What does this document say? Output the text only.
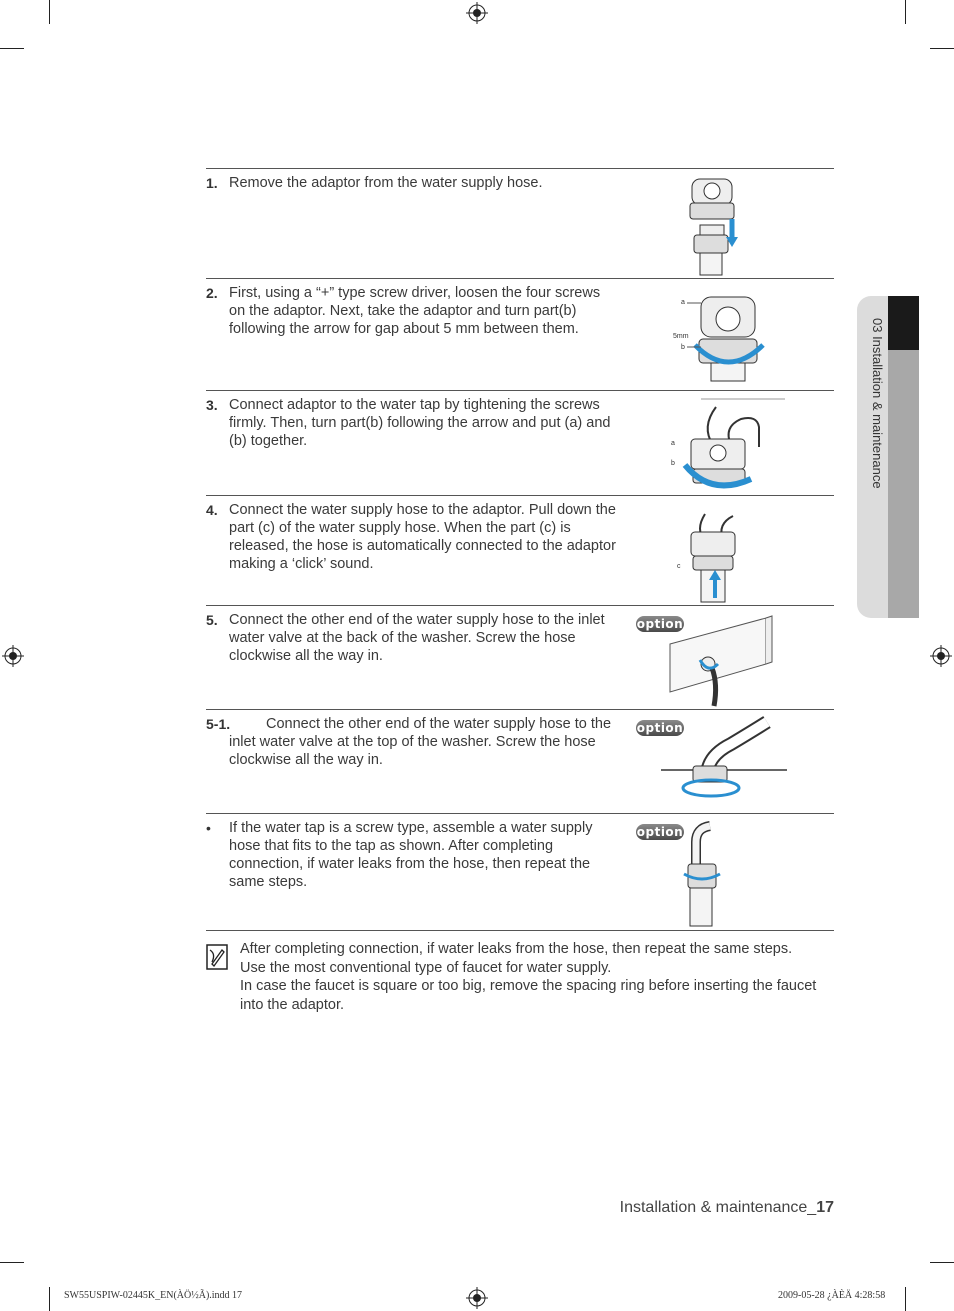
03 Installation & maintenance
1. Remove the adaptor from the water supply hose.
2. First, using a “+” type screw driver, loosen the four screws on the adaptor. Next, take the adaptor and turn part(b) following the arrow for gap about 5 mm between them.
a
5mm
b
3. Connect adaptor to the water tap by tightening the screws firmly. Then, turn part(b) following the arrow and put (a) and (b) together.	a
b
4. Connect the water supply hose to the adaptor. Pull down the part (c) of the water supply hose. When the part (c) is released, the hose is automatically connected to the adaptor making a ‘click’ sound.	c
5. Connect the other end of the water supply hose to the inlet water valve at the back of the washer. Screw the hose clockwise all the way in.
option
5-1.	Connect the other end of the water supply hose to the inlet water valve at the top of the washer. Screw the hose clockwise all the way in.
option
• If the water tap is a screw type, assemble a water supply hose that fits to the tap as shown. After completing connection, if water leaks from the hose, then repeat the same steps.
option
After completing connection, if water leaks from the hose, then repeat the same steps.
Use the most conventional type of faucet for water supply.
In case the faucet is square or too big, remove the spacing ring before inserting the faucet into the adaptor.
Installation & maintenance_17
SW55USPIW-02445K_EN(ÀÖ½Ã).indd 17	2009-05-28 ¿ÀÈÄ 4:28:58
